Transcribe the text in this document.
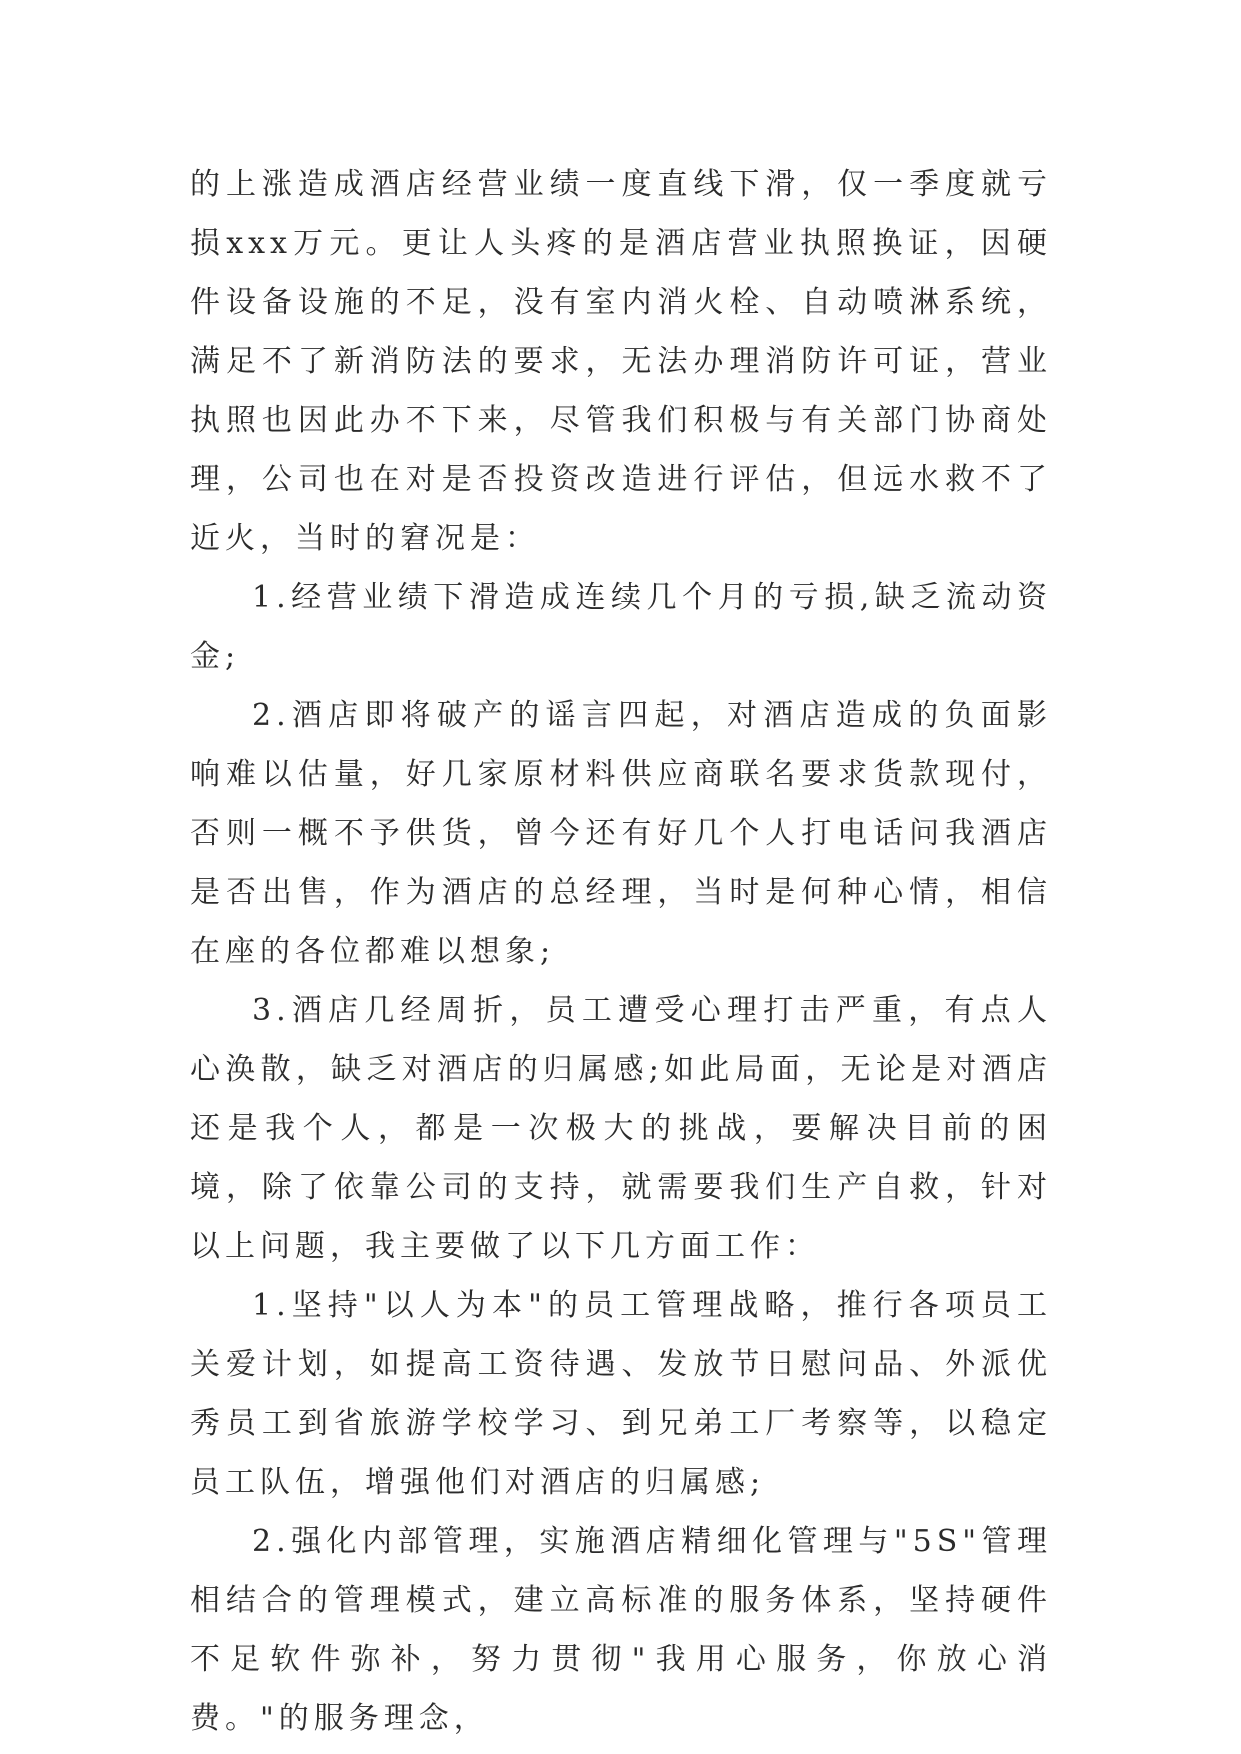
的上涨造成酒店经营业绩一度直线下滑，仅一季度就亏损xxx万元。更让人头疼的是酒店营业执照换证，因硬件设备设施的不足，没有室内消火栓、自动喷淋系统，满足不了新消防法的要求，无法办理消防许可证，营业执照也因此办不下来，尽管我们积极与有关部门协商处理，公司也在对是否投资改造进行评估，但远水救不了近火，当时的窘况是：

1.经营业绩下滑造成连续几个月的亏损,缺乏流动资金;

2.酒店即将破产的谣言四起，对酒店造成的负面影响难以估量，好几家原材料供应商联名要求货款现付，否则一概不予供货，曾今还有好几个人打电话问我酒店是否出售，作为酒店的总经理，当时是何种心情，相信在座的各位都难以想象;

3.酒店几经周折，员工遭受心理打击严重，有点人心涣散，缺乏对酒店的归属感;如此局面，无论是对酒店还是我个人，都是一次极大的挑战，要解决目前的困境，除了依靠公司的支持，就需要我们生产自救，针对以上问题，我主要做了以下几方面工作：

1.坚持"以人为本"的员工管理战略，推行各项员工关爱计划，如提高工资待遇、发放节日慰问品、外派优秀员工到省旅游学校学习、到兄弟工厂考察等，以稳定员工队伍，增强他们对酒店的归属感;

2.强化内部管理，实施酒店精细化管理与"5S"管理相结合的管理模式，建立高标准的服务体系，坚持硬件不足软件弥补，努力贯彻"我用心服务，你放心消费。"的服务理念，
